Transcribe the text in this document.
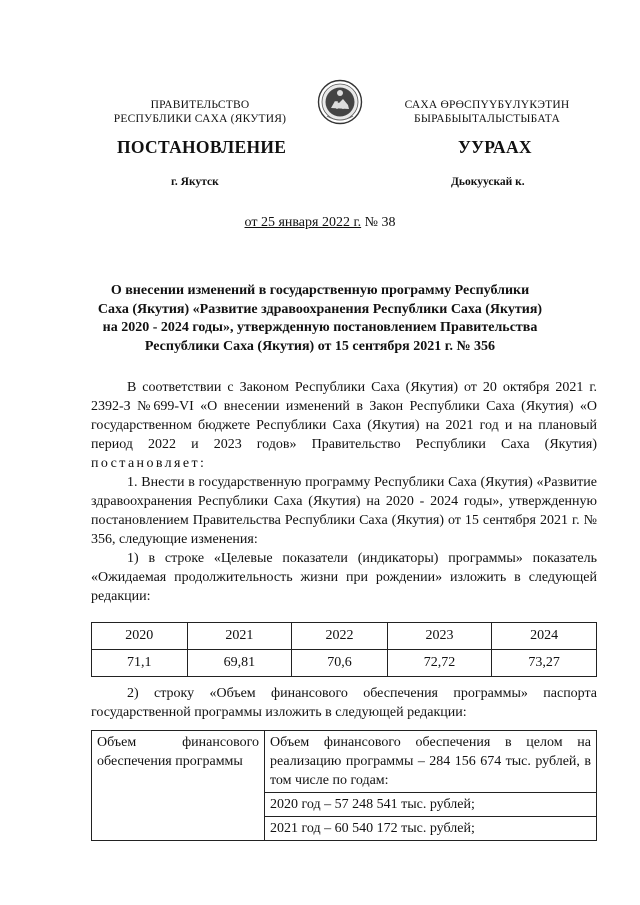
ПРАВИТЕЛЬСТВО
РЕСПУБЛИКИ САХА (ЯКУТИЯ)
САХА ӨРӨСПҮҮБҮЛҮКЭТИН
БЫРАБЫЫТАЛЫСТЫБАТА
ПОСТАНОВЛЕНИЕ	УУРААХ
г. Якутск	Дьокуускай к.
от 25 января 2022 г. № 38
О внесении изменений в государственную программу Республики
Саха (Якутия) «Развитие здравоохранения Республики Саха (Якутия)
на 2020 - 2024 годы», утвержденную постановлением Правительства
Республики Саха (Якутия) от 15 сентября 2021 г. № 356

В соответствии с Законом Республики Саха (Якутия) от 20 октября 2021 г. 2392-З №699-VI «О внесении изменений в Закон Республики Саха (Якутия) «О государственном бюджете Республики Саха (Якутия) на 2021 год и на плановый период 2022 и 2023 годов» Правительство Республики Саха (Якутия) постановляет:

1. Внести в государственную программу Республики Саха (Якутия) «Развитие здравоохранения Республики Саха (Якутия) на 2020 - 2024 годы», утвержденную постановлением Правительства Республики Саха (Якутия) от 15 сентября 2021 г. № 356, следующие изменения:

1) в строке «Целевые показатели (индикаторы) программы» показатель «Ожидаемая продолжительность жизни при рождении» изложить в следующей редакции:

2020	2021	2022	2023	2024
71,1	69,81	70,6	72,72	73,27

2) строку «Объем финансового обеспечения программы» паспорта государственной программы изложить в следующей редакции:

Объем финансового обеспечения программы	Объем финансового обеспечения в целом на реализацию программы – 284 156 674 тыс. рублей, в том числе по годам:
2020 год – 57 248 541 тыс. рублей;
2021 год – 60 540 172 тыс. рублей;
